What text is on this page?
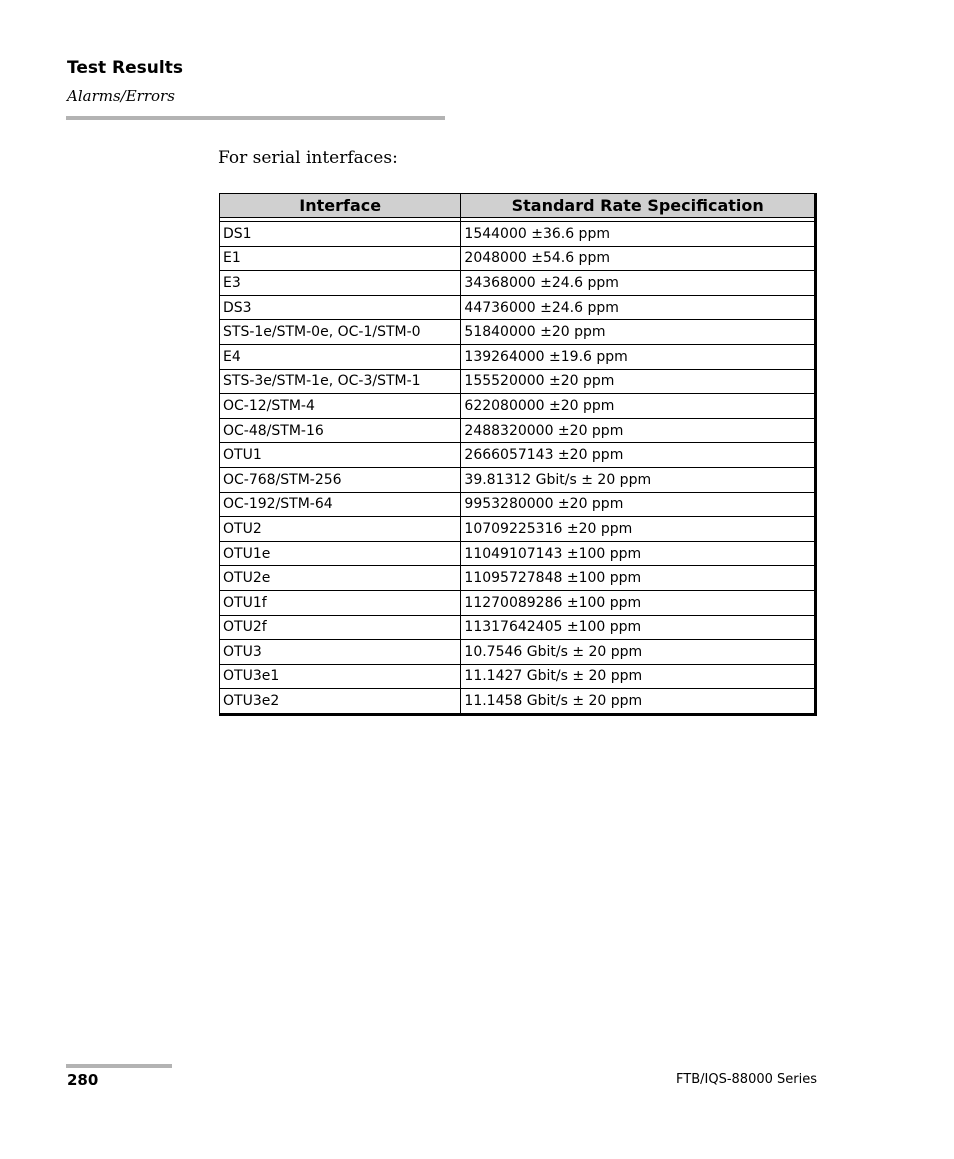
Test Results

Alarms/Errors

For serial interfaces:

Interface	Standard Rate Specification

DS1	1544000 ±36.6 ppm
E1	2048000 ±54.6 ppm
E3	34368000 ±24.6 ppm
DS3	44736000 ±24.6 ppm
STS-1e/STM-0e, OC-1/STM-0	51840000 ±20 ppm
E4	139264000 ±19.6 ppm
STS-3e/STM-1e, OC-3/STM-1	155520000 ±20 ppm
OC-12/STM-4	622080000 ±20 ppm
OC-48/STM-16	2488320000 ±20 ppm
OTU1	2666057143 ±20 ppm
OC-768/STM-256	39.81312 Gbit/s ± 20 ppm
OC-192/STM-64	9953280000 ±20 ppm
OTU2	10709225316 ±20 ppm
OTU1e	11049107143 ±100 ppm
OTU2e	11095727848 ±100 ppm
OTU1f	11270089286 ±100 ppm
OTU2f	11317642405 ±100 ppm
OTU3	10.7546 Gbit/s ± 20 ppm
OTU3e1	11.1427 Gbit/s ± 20 ppm
OTU3e2	11.1458 Gbit/s ± 20 ppm

280	FTB/IQS-88000 Series
